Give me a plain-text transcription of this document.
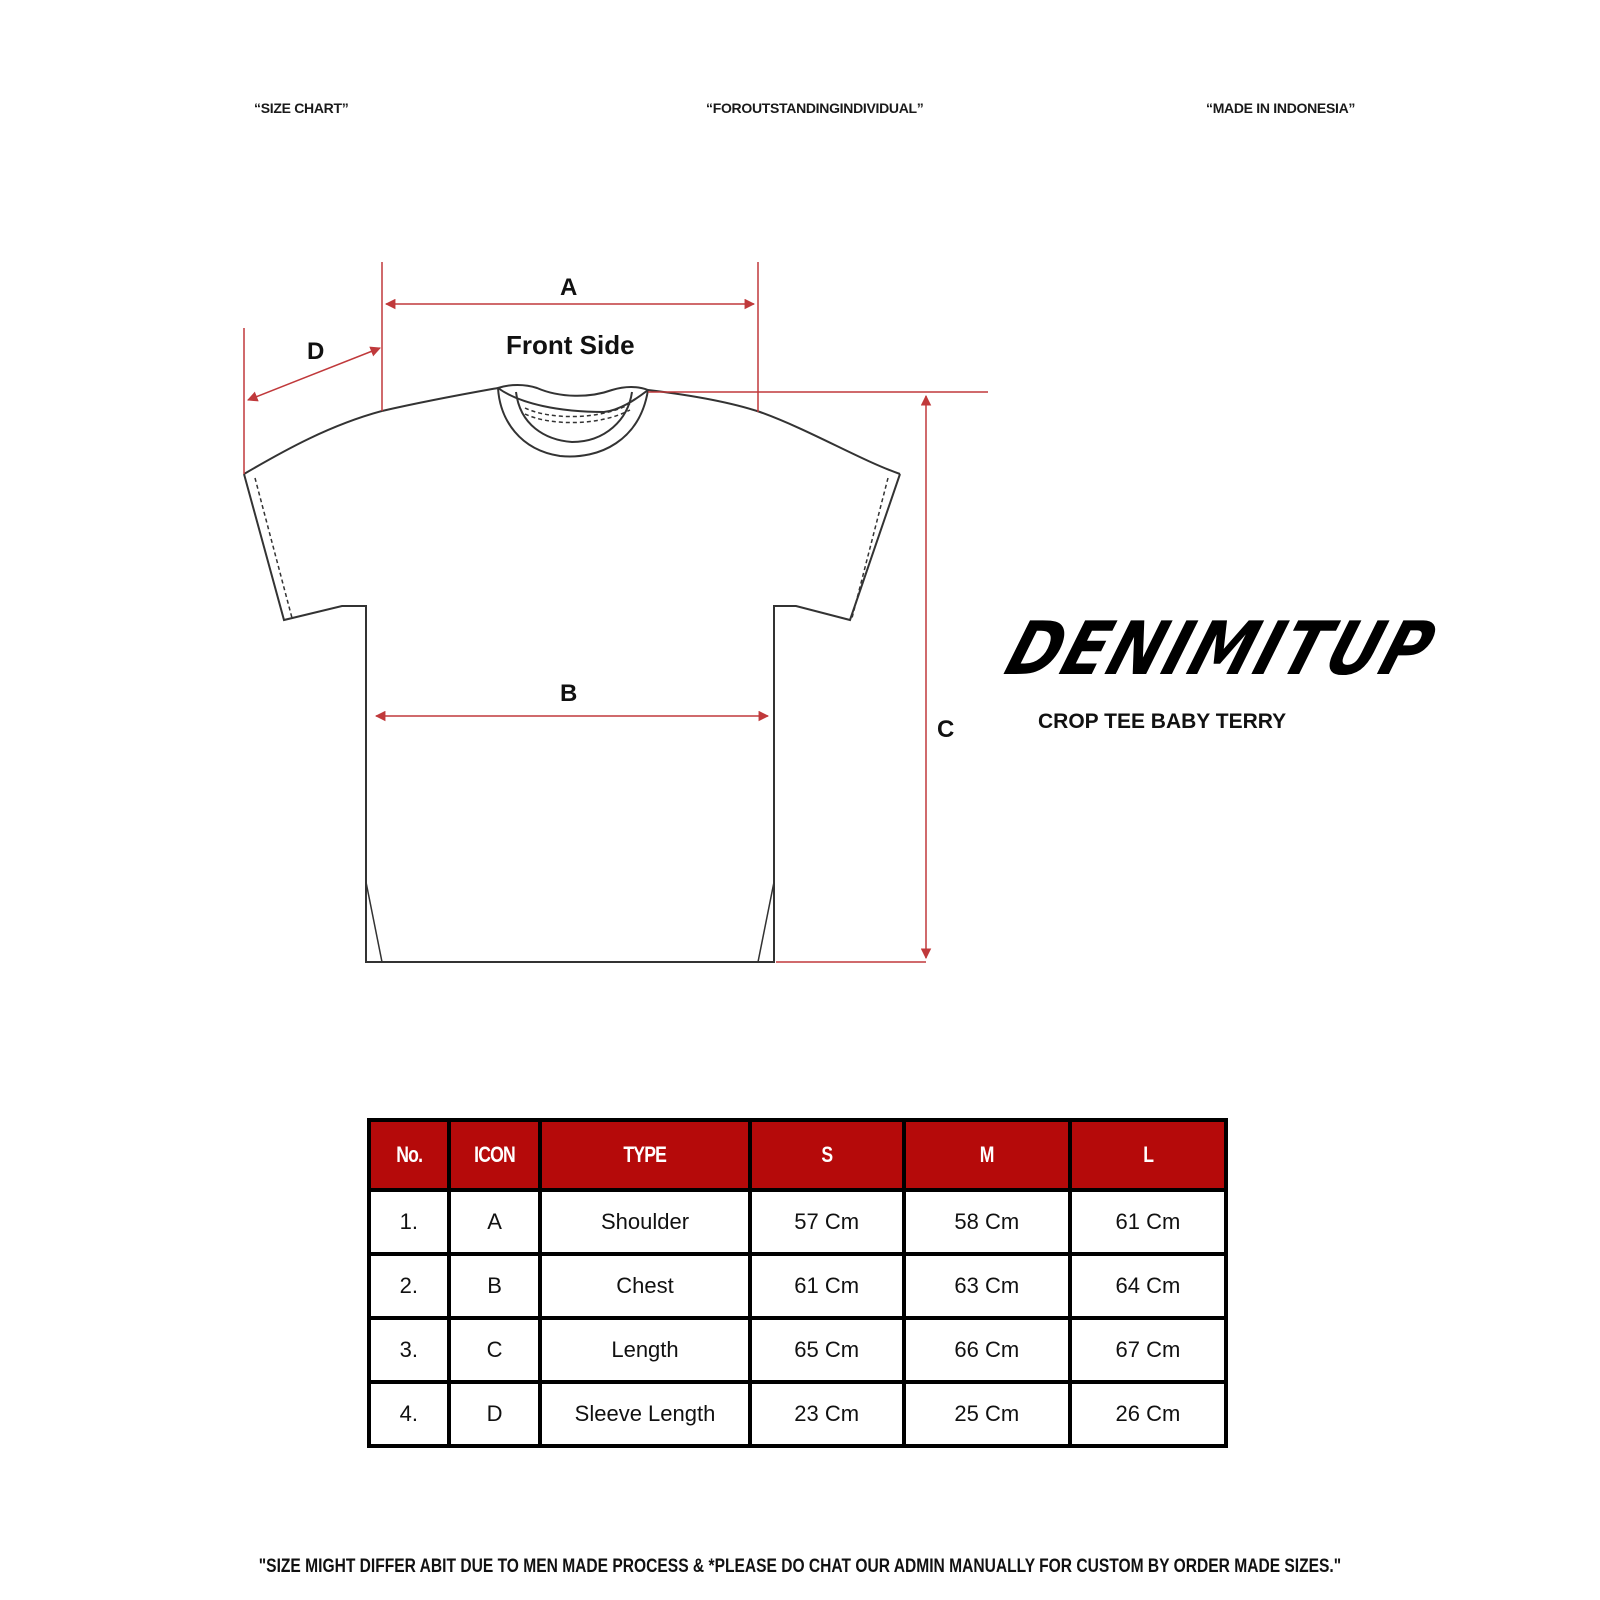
“SIZE CHART”	“FOROUTSTANDINGINDIVIDUAL”	“MADE IN INDONESIA”
A
D
B
C
Front Side
DENIMITUP
CROP TEE BABY TERRY
No.	ICON	TYPE	S	M	L
1.	A	Shoulder	57 Cm	58 Cm	61 Cm
2.	B	Chest	61 Cm	63 Cm	64 Cm
3.	C	Length	65 Cm	66 Cm	67 Cm
4.	D	Sleeve Length	23 Cm	25 Cm	26 Cm
"SIZE MIGHT DIFFER ABIT DUE TO MEN MADE PROCESS & *PLEASE DO CHAT OUR ADMIN MANUALLY FOR CUSTOM BY ORDER MADE SIZES."
